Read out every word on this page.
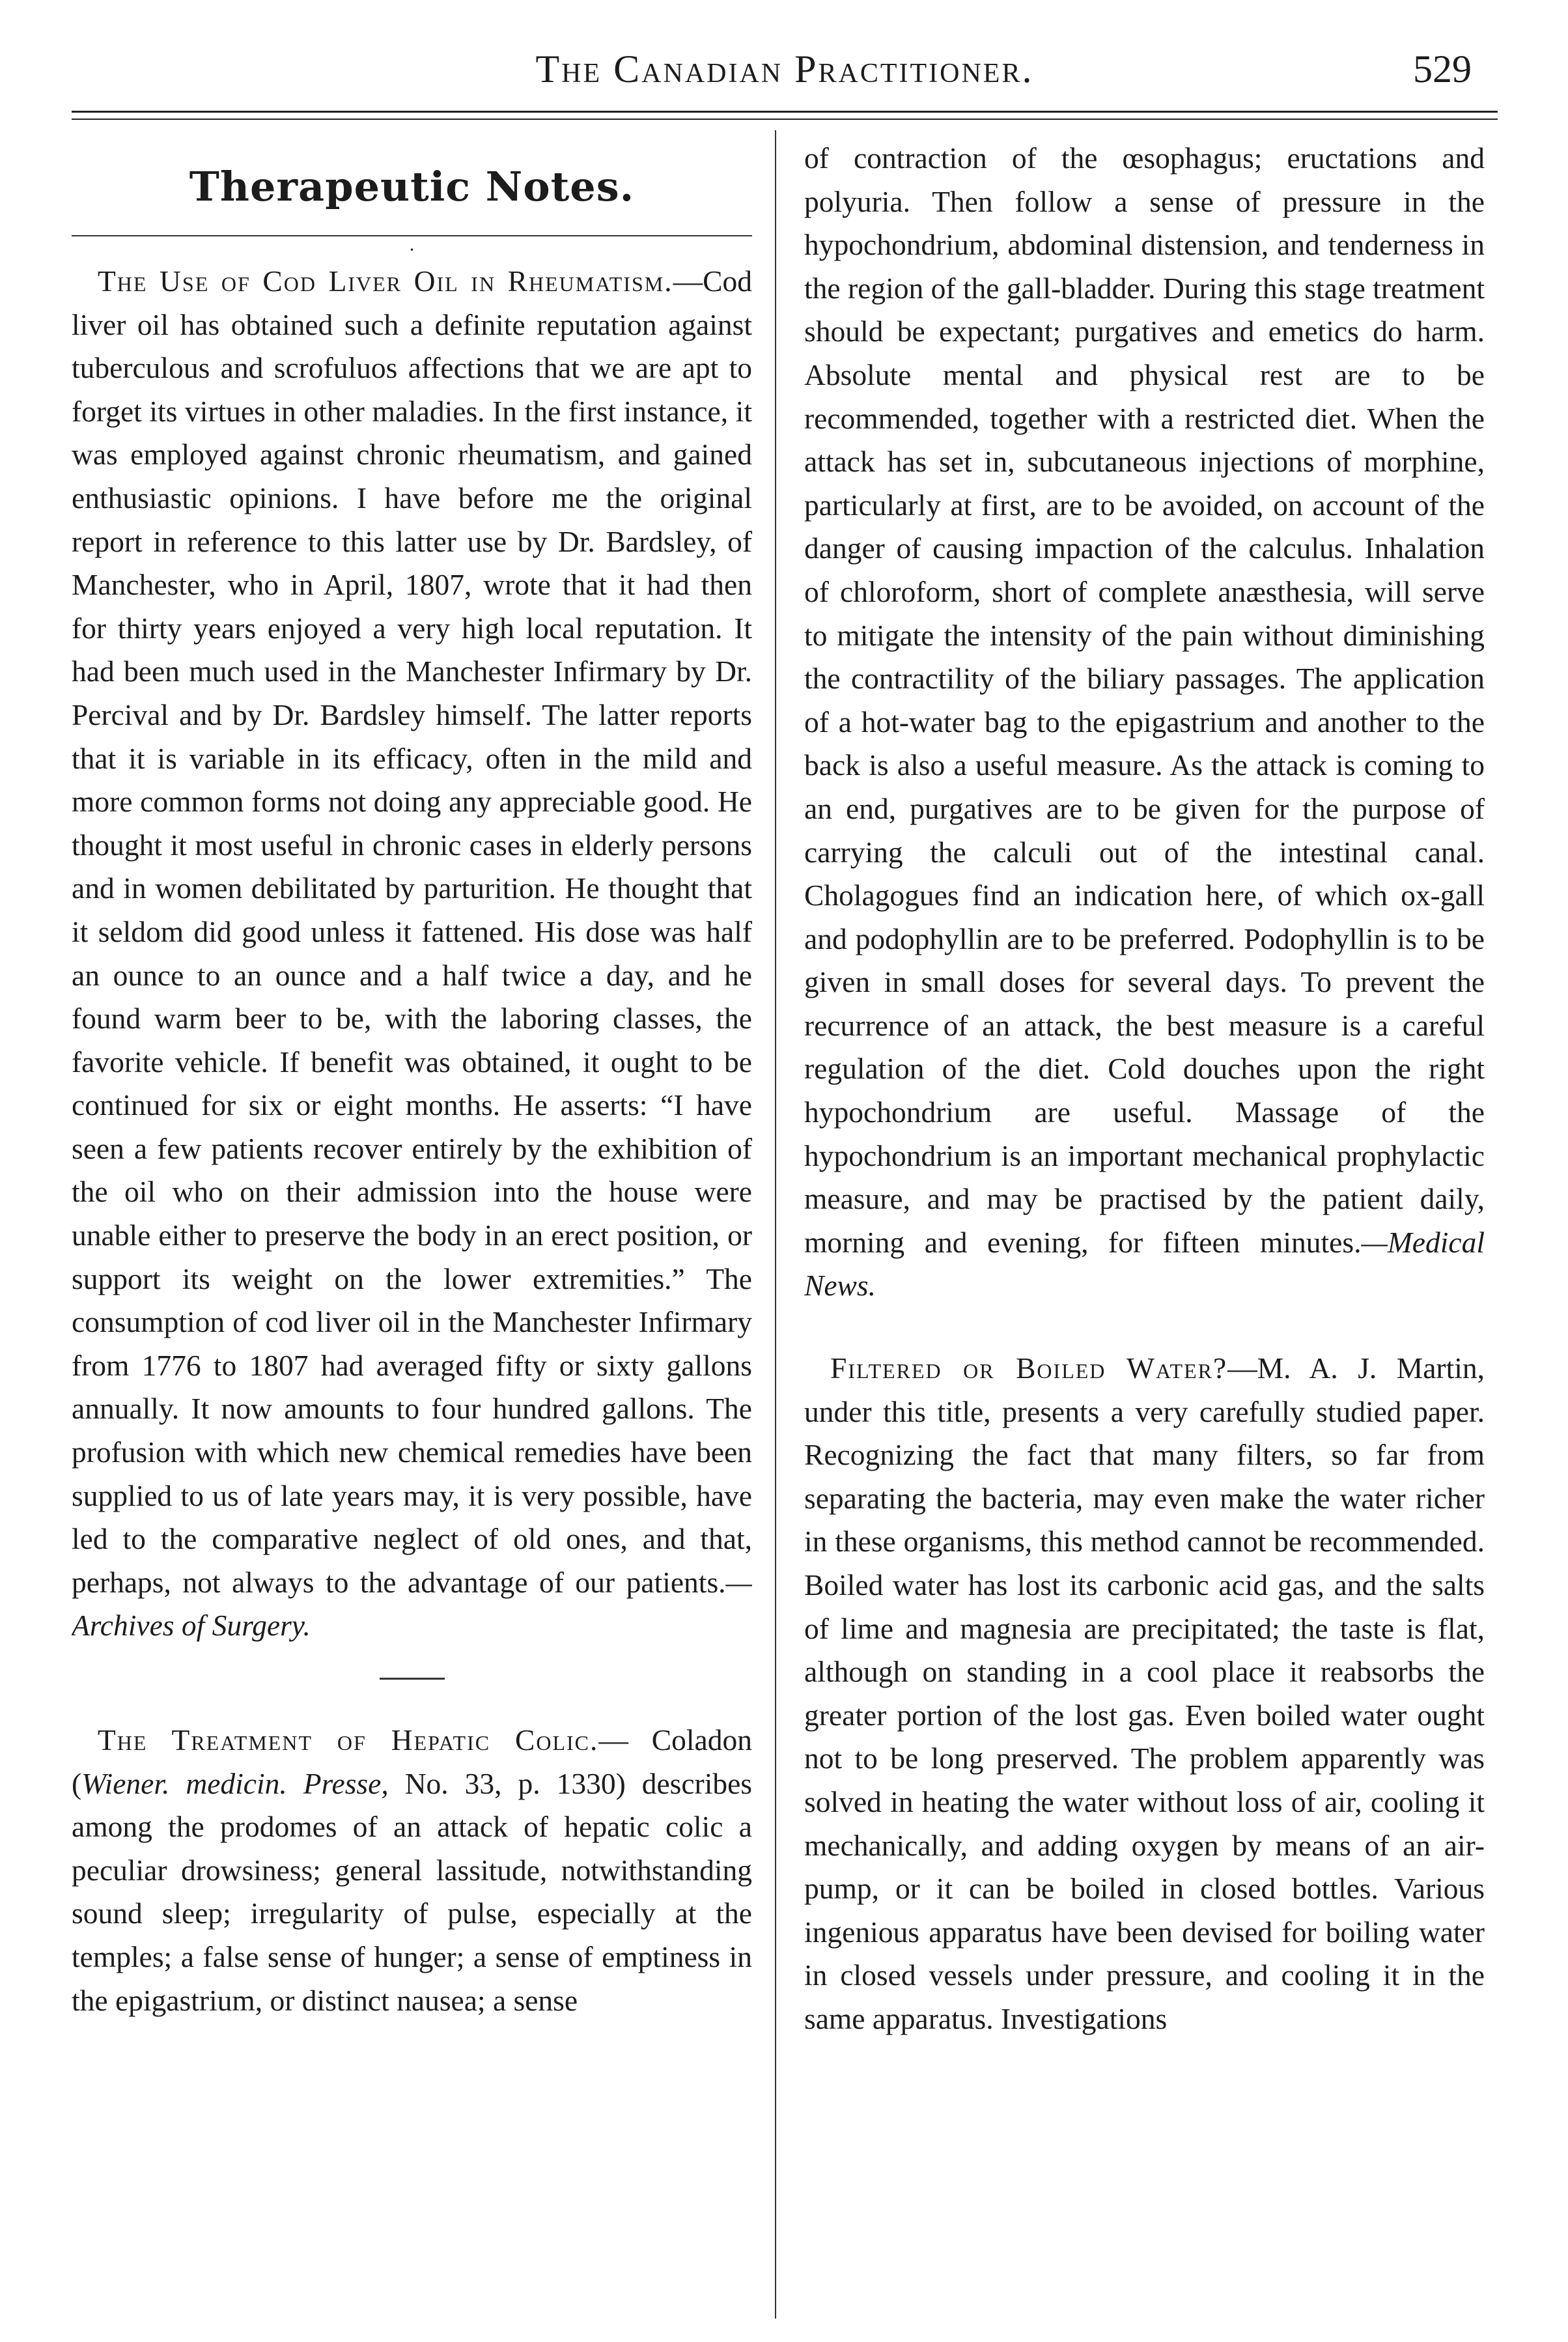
The Canadian Practitioner.	529
Therapeutic Notes.
·

The Use of Cod Liver Oil in Rheumatism.—Cod liver oil has obtained such a definite reputation against tuberculous and scrofuluos affections that we are apt to forget its virtues in other maladies. In the first instance, it was employed against chronic rheumatism, and gained enthusiastic opinions. I have before me the original report in reference to this latter use by Dr. Bardsley, of Manchester, who in April, 1807, wrote that it had then for thirty years enjoyed a very high local reputation. It had been much used in the Manchester Infirmary by Dr. Percival and by Dr. Bardsley himself. The latter reports that it is variable in its efficacy, often in the mild and more common forms not doing any appreciable good. He thought it most useful in chronic cases in elderly persons and in women debilitated by parturition. He thought that it seldom did good unless it fattened. His dose was half an ounce to an ounce and a half twice a day, and he found warm beer to be, with the laboring classes, the favorite vehicle. If benefit was obtained, it ought to be continued for six or eight months. He asserts: “I have seen a few patients recover entirely by the exhibition of the oil who on their admission into the house were unable either to preserve the body in an erect position, or support its weight on the lower extremities.” The consumption of cod liver oil in the Manchester Infirmary from 1776 to 1807 had averaged fifty or sixty gallons annually. It now amounts to four hundred gallons. The profusion with which new chemical remedies have been supplied to us of late years may, it is very possible, have led to the comparative neglect of old ones, and that, perhaps, not always to the advantage of our patients.—Archives of Surgery.

The Treatment of Hepatic Colic.— Coladon (Wiener. medicin. Presse, No. 33, p. 1330) describes among the prodomes of an attack of hepatic colic a peculiar drowsiness; general lassitude, notwithstanding sound sleep; irregularity of pulse, especially at the temples; a false sense of hunger; a sense of emptiness in the epigastrium, or distinct nausea; a sense

of contraction of the œsophagus; eructations and polyuria. Then follow a sense of pressure in the hypochondrium, abdominal distension, and tenderness in the region of the gall-bladder. During this stage treatment should be expectant; purgatives and emetics do harm. Absolute mental and physical rest are to be recommended, together with a restricted diet. When the attack has set in, subcutaneous injections of morphine, particularly at first, are to be avoided, on account of the danger of causing impaction of the calculus. Inhalation of chloroform, short of complete anæsthesia, will serve to mitigate the intensity of the pain without diminishing the contractility of the biliary passages. The application of a hot-water bag to the epigastrium and another to the back is also a useful measure. As the attack is coming to an end, purgatives are to be given for the purpose of carrying the calculi out of the intestinal canal. Cholagogues find an indication here, of which ox-gall and podophyllin are to be preferred. Podophyllin is to be given in small doses for several days. To prevent the recurrence of an attack, the best measure is a careful regulation of the diet. Cold douches upon the right hypochondrium are useful. Massage of the hypochondrium is an important mechanical prophylactic measure, and may be practised by the patient daily, morning and evening, for fifteen minutes.—Medical News.

Filtered or Boiled Water?—M. A. J. Martin, under this title, presents a very carefully studied paper. Recognizing the fact that many filters, so far from separating the bacteria, may even make the water richer in these organisms, this method cannot be recommended. Boiled water has lost its carbonic acid gas, and the salts of lime and magnesia are precipitated; the taste is flat, although on standing in a cool place it reabsorbs the greater portion of the lost gas. Even boiled water ought not to be long preserved. The problem apparently was solved in heating the water without loss of air, cooling it mechanically, and adding oxygen by means of an air-pump, or it can be boiled in closed bottles. Various ingenious apparatus have been devised for boiling water in closed vessels under pressure, and cooling it in the same apparatus. Investigations
